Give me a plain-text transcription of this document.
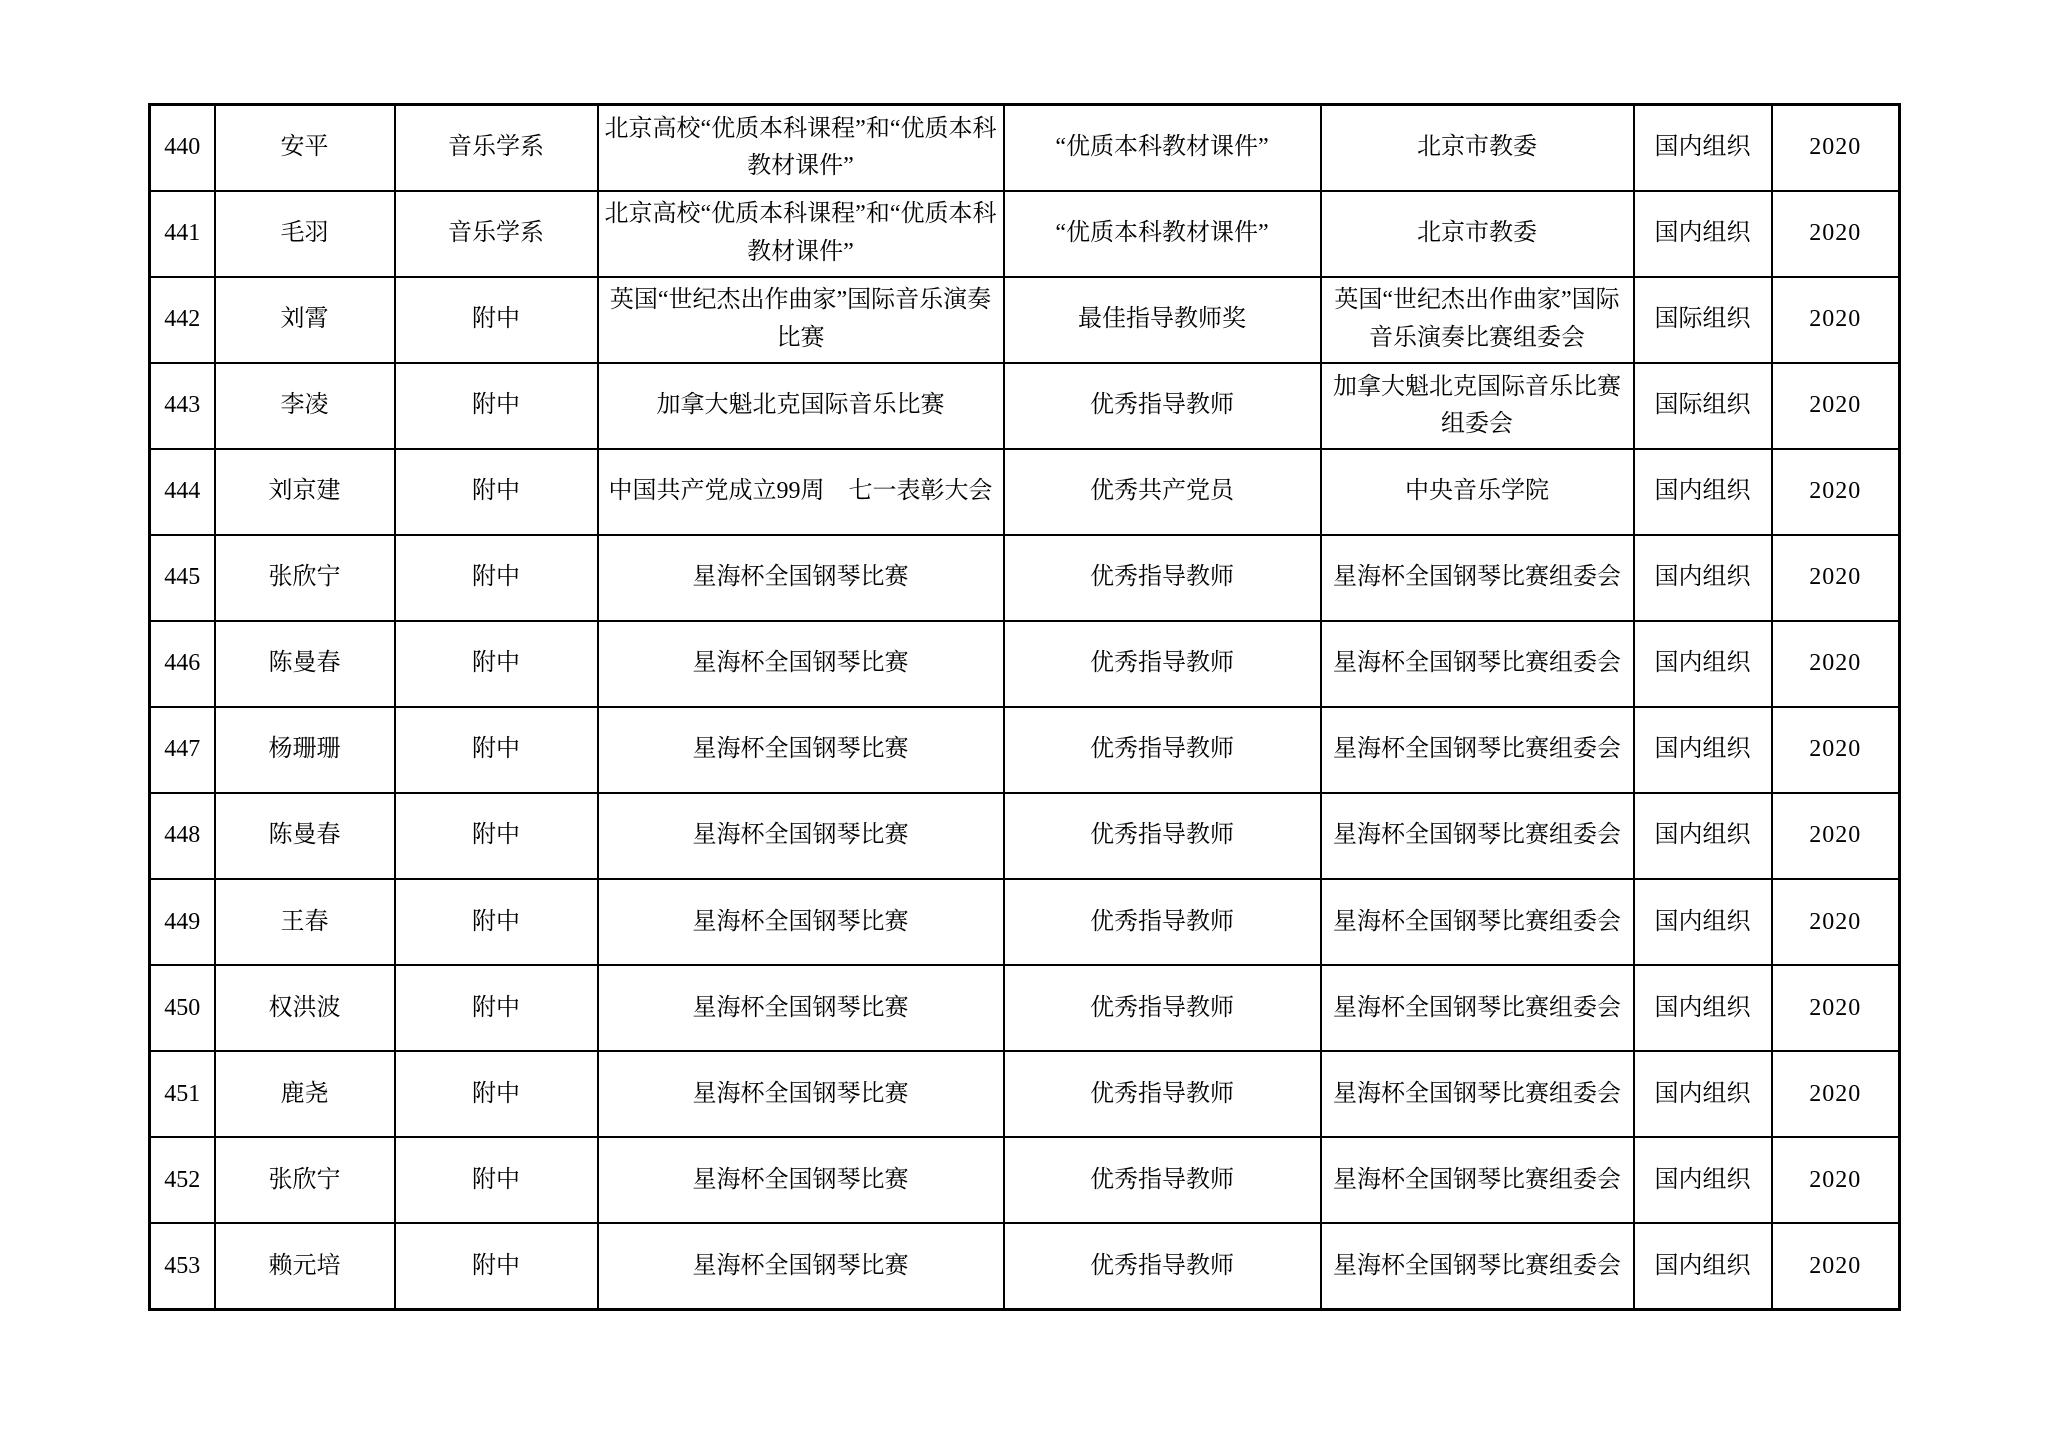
440	安平	音乐学系	北京高校“优质本科课程”和“优质本科教材课件”	“优质本科教材课件”	北京市教委	国内组织	2020
441	毛羽	音乐学系	北京高校“优质本科课程”和“优质本科教材课件”	“优质本科教材课件”	北京市教委	国内组织	2020
442	刘霄	附中	英国“世纪杰出作曲家”国际音乐演奏比赛	最佳指导教师奖	英国“世纪杰出作曲家”国际音乐演奏比赛组委会	国际组织	2020
443	李凌	附中	加拿大魁北克国际音乐比赛	优秀指导教师	加拿大魁北克国际音乐比赛组委会	国际组织	2020
444	刘京建	附中	中国共产党成立99周　七一表彰大会	优秀共产党员	中央音乐学院	国内组织	2020
445	张欣宁	附中	星海杯全国钢琴比赛	优秀指导教师	星海杯全国钢琴比赛组委会	国内组织	2020
446	陈曼春	附中	星海杯全国钢琴比赛	优秀指导教师	星海杯全国钢琴比赛组委会	国内组织	2020
447	杨珊珊	附中	星海杯全国钢琴比赛	优秀指导教师	星海杯全国钢琴比赛组委会	国内组织	2020
448	陈曼春	附中	星海杯全国钢琴比赛	优秀指导教师	星海杯全国钢琴比赛组委会	国内组织	2020
449	王春	附中	星海杯全国钢琴比赛	优秀指导教师	星海杯全国钢琴比赛组委会	国内组织	2020
450	权洪波	附中	星海杯全国钢琴比赛	优秀指导教师	星海杯全国钢琴比赛组委会	国内组织	2020
451	鹿尧	附中	星海杯全国钢琴比赛	优秀指导教师	星海杯全国钢琴比赛组委会	国内组织	2020
452	张欣宁	附中	星海杯全国钢琴比赛	优秀指导教师	星海杯全国钢琴比赛组委会	国内组织	2020
453	赖元培	附中	星海杯全国钢琴比赛	优秀指导教师	星海杯全国钢琴比赛组委会	国内组织	2020
